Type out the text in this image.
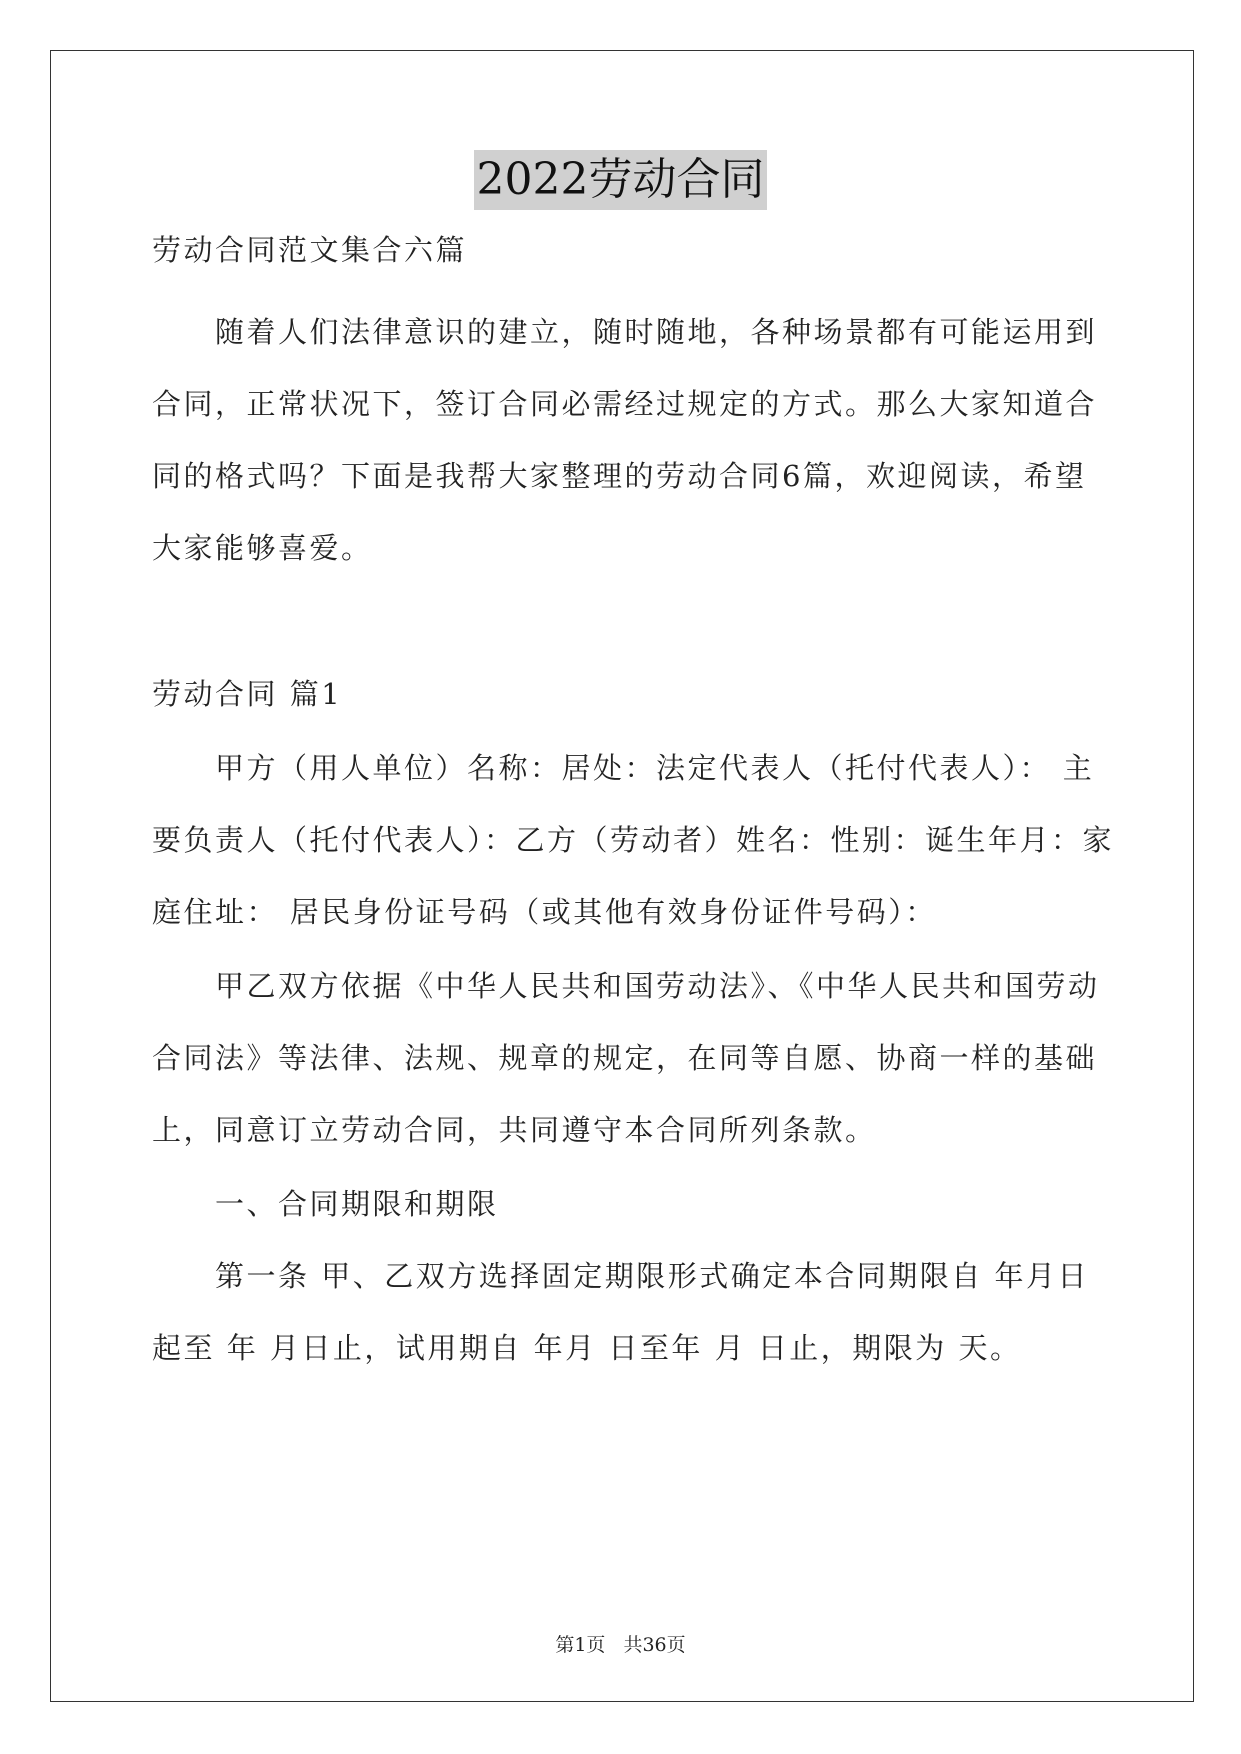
2022劳动合同
劳动合同范文集合六篇
　　随着人们法律意识的建立，随时随地，各种场景都有可能运用到
合同，正常状况下，签订合同必需经过规定的方式。那么大家知道合
同的格式吗？下面是我帮大家整理的劳动合同6篇，欢迎阅读，希望
大家能够喜爱。
劳动合同 篇1
　　甲方（用人单位）名称：居处：法定代表人（托付代表人）： 主
要负责人（托付代表人）：乙方（劳动者）姓名：性别：诞生年月：家
庭住址： 居民身份证号码（或其他有效身份证件号码）：
　　甲乙双方依据《中华人民共和国劳动法》、《中华人民共和国劳动
合同法》等法律、法规、规章的规定，在同等自愿、协商一样的基础
上，同意订立劳动合同，共同遵守本合同所列条款。
　　一、合同期限和期限
　　第一条 甲、乙双方选择固定期限形式确定本合同期限自 年月日
起至 年 月日止，试用期自 年月 日至年 月 日止，期限为 天。
第1页 共36页
